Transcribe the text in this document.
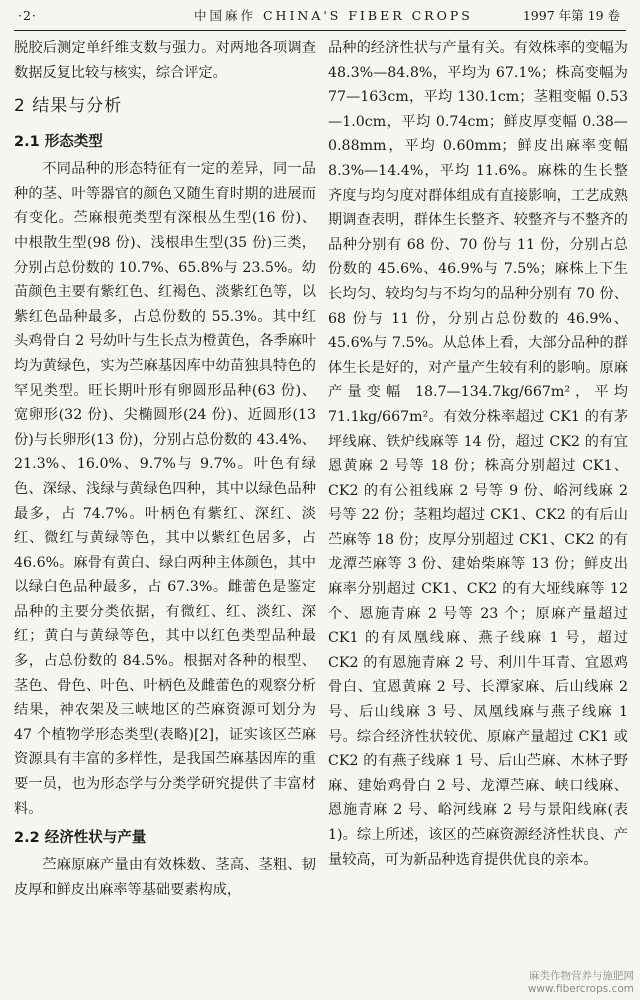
·2·	中国麻作 CHINA'S FIBER CROPS	1997 年第 19 卷

脱胶后测定单纤维支数与强力。对两地各项调查数据反复比较与核实，综合评定。

2 结果与分析
2.1 形态类型

不同品种的形态特征有一定的差异，同一品种的茎、叶等器官的颜色又随生育时期的进展而有变化。苎麻根蔸类型有深根丛生型(16 份)、中根散生型(98 份)、浅根串生型(35 份)三类，分别占总份数的 10.7%、65.8%与 23.5%。幼苗颜色主要有紫红色、红褐色、淡紫红色等，以紫红色品种最多，占总份数的 55.3%。其中红头鸡骨白 2 号幼叶与生长点为橙黄色，各季麻叶均为黄绿色，实为苎麻基因库中幼苗独具特色的罕见类型。旺长期叶形有卵圆形品种(63 份)、宽卵形(32 份)、尖椭圆形(24 份)、近圆形(13 份)与长卵形(13 份)，分别占总份数的 43.4%、21.3%、16.0%、9.7%与 9.7%。叶色有绿色、深绿、浅绿与黄绿色四种，其中以绿色品种最多，占 74.7%。叶柄色有紫红、深红、淡红、微红与黄绿等色，其中以紫红色居多，占 46.6%。麻骨有黄白、绿白两种主体颜色，其中以绿白色品种最多，占 67.3%。雌蕾色是鉴定品种的主要分类依据，有微红、红、淡红、深红；黄白与黄绿等色，其中以红色类型品种最多，占总份数的 84.5%。根据对各种的根型、茎色、骨色、叶色、叶柄色及雌蕾色的观察分析结果，神农架及三峡地区的苎麻资源可划分为 47 个植物学形态类型(表略)[2]，证实该区苎麻资源具有丰富的多样性，是我国苎麻基因库的重要一员，也为形态学与分类学研究提供了丰富材料。

2.2 经济性状与产量

苎麻原麻产量由有效株数、茎高、茎粗、韧皮厚和鲜皮出麻率等基础要素构成，

品种的经济性状与产量有关。有效株率的变幅为 48.3%—84.8%，平均为 67.1%；株高变幅为 77—163cm，平均 130.1cm；茎粗变幅 0.53—1.0cm，平均 0.74cm；鲜皮厚变幅 0.38—0.88mm，平均 0.60mm；鲜皮出麻率变幅 8.3%—14.4%，平均 11.6%。麻株的生长整齐度与均匀度对群体组成有直接影响，工艺成熟期调查表明，群体生长整齐、较整齐与不整齐的品种分别有 68 份、70 份与 11 份，分别占总份数的 45.6%、46.9%与 7.5%；麻株上下生长均匀、较均匀与不均匀的品种分别有 70 份、68 份与 11 份，分别占总份数的 46.9%、45.6%与 7.5%。从总体上看，大部分品种的群体生长是好的，对产量产生较有利的影响。原麻产量变幅 18.7—134.7kg/667m²，平均 71.1kg/667m²。有效分株率超过 CK1 的有茅坪线麻、铁炉线麻等 14 份，超过 CK2 的有宜恩黄麻 2 号等 18 份；株高分别超过 CK1、CK2 的有公祖线麻 2 号等 9 份、峪河线麻 2 号等 22 份；茎粗均超过 CK1、CK2 的有后山苎麻等 18 份；皮厚分别超过 CK1、CK2 的有龙潭苎麻等 3 份、建始柴麻等 13 份；鲜皮出麻率分别超过 CK1、CK2 的有大垭线麻等 12 个、恩施青麻 2 号等 23 个；原麻产量超过 CK1 的有凤凰线麻、燕子线麻 1 号，超过 CK2 的有恩施青麻 2 号、利川牛耳青、宜恩鸡骨白、宜恩黄麻 2 号、长潭家麻、后山线麻 2 号、后山线麻 3 号、凤凰线麻与燕子线麻 1 号。综合经济性状较优、原麻产量超过 CK1 或 CK2 的有燕子线麻 1 号、后山苎麻、木林子野麻、建始鸡骨白 2 号、龙潭苎麻、峡口线麻、恩施青麻 2 号、峪河线麻 2 号与景阳线麻(表 1)。综上所述，该区的苎麻资源经济性状良、产量较高，可为新品种选育提供优良的亲本。

麻类作物营养与施肥网
www.fibercrops.com
